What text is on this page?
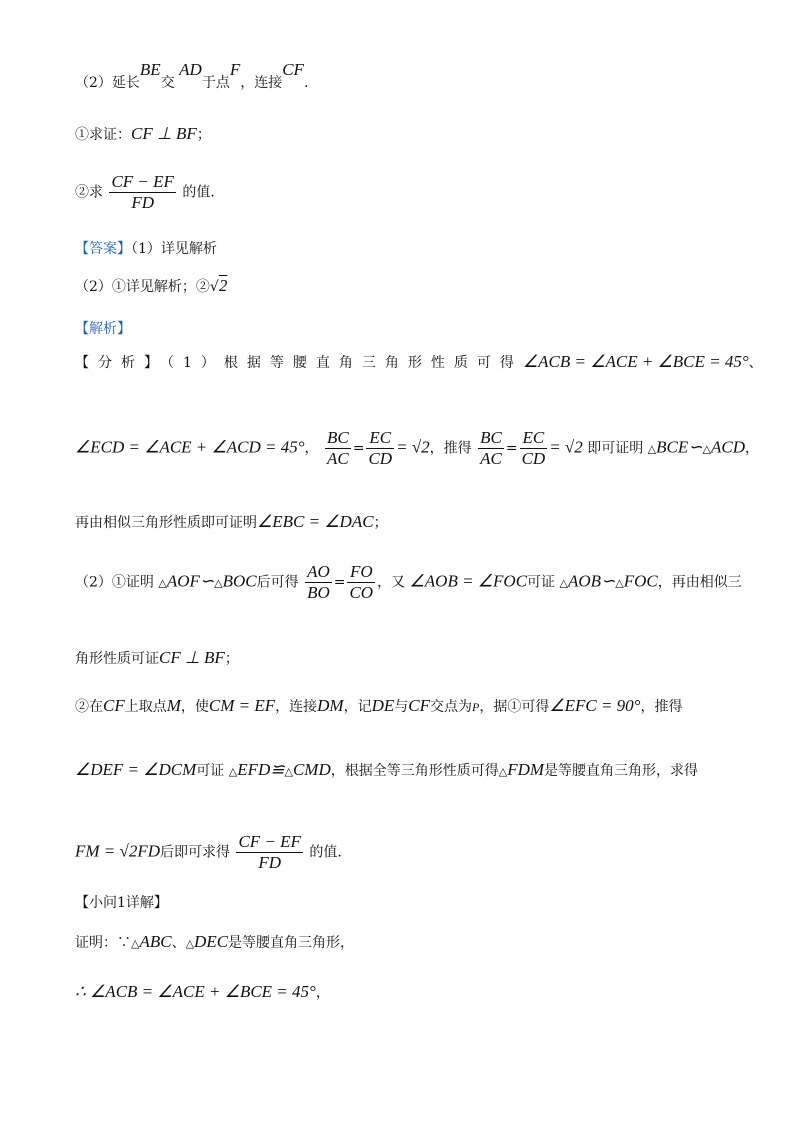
（2）延长BE交 AD于点F，连接CF.
①求证：CF ⊥ BF；
②求 $\frac{CF - EF}{FD}$ 的值.
【答案】（1）详见解析
（2）①详见解析；②√2
【解析】
【分析】（1）根据等腰直角三角形性质可得∠ACB = ∠ACE + ∠BCE = 45°、
∠ECD = ∠ACE + ∠ACD = 45°， $\frac{BC}{AC} = \frac{EC}{CD} = √2$，推得 $\frac{BC}{AC} = \frac{EC}{CD} = √2$ 即可证明 △BCE∽△ACD，
再由相似三角形性质即可证明∠EBC = ∠DAC；
（2）①证明 △AOF∽△BOC后可得 $\frac{AO}{BO} = \frac{FO}{CO}$ ，又 ∠AOB = ∠FOC可证 △AOB∽△FOC，再由相似三
角形性质可证CF ⊥ BF；
②在CF上取点M，使CM = EF，连接DM，记DE与CF交点为P，据①可得∠EFC = 90°，推得
∠DEF = ∠DCM可证 △EFD≌△CMD，根据全等三角形性质可得△FDM是等腰直角三角形，求得
FM = √2FD后即可求得 $\frac{CF - EF}{FD}$ 的值.
【小问1详解】
证明：∵△ABC、△DEC是等腰直角三角形，
∴ ∠ACB = ∠ACE + ∠BCE = 45°，
